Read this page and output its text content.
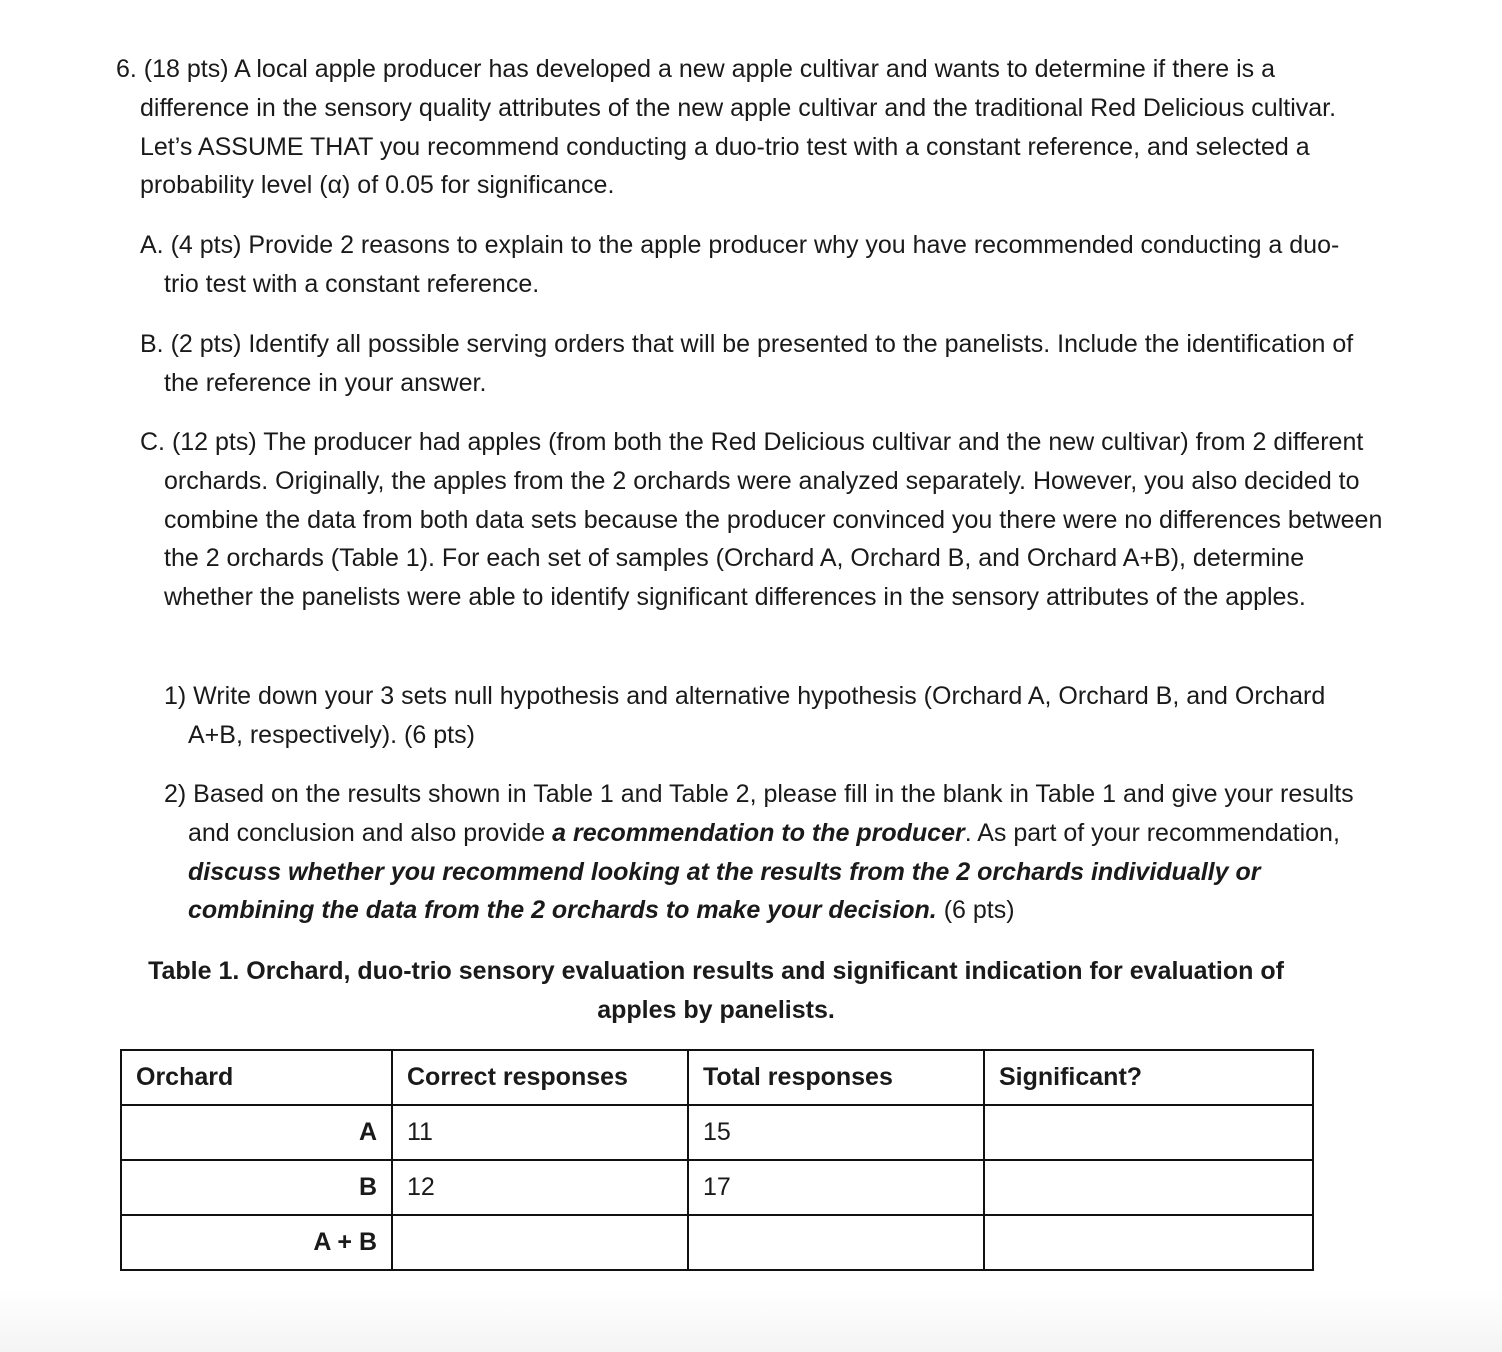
6. (18 pts) A local apple producer has developed a new apple cultivar and wants to determine if there is a difference in the sensory quality attributes of the new apple cultivar and the traditional Red Delicious cultivar. Let’s ASSUME THAT you recommend conducting a duo-trio test with a constant reference, and selected a probability level (α) of 0.05 for significance.

A. (4 pts) Provide 2 reasons to explain to the apple producer why you have recommended conducting a duo-trio test with a constant reference.

B. (2 pts) Identify all possible serving orders that will be presented to the panelists. Include the identification of the reference in your answer.

C. (12 pts) The producer had apples (from both the Red Delicious cultivar and the new cultivar) from 2 different orchards. Originally, the apples from the 2 orchards were analyzed separately. However, you also decided to combine the data from both data sets because the producer convinced you there were no differences between the 2 orchards (Table 1). For each set of samples (Orchard A, Orchard B, and Orchard A+B), determine whether the panelists were able to identify significant differences in the sensory attributes of the apples.

1) Write down your 3 sets null hypothesis and alternative hypothesis (Orchard A, Orchard B, and Orchard A+B, respectively). (6 pts)

2) Based on the results shown in Table 1 and Table 2, please fill in the blank in Table 1 and give your results and conclusion and also provide a recommendation to the producer. As part of your recommendation, discuss whether you recommend looking at the results from the 2 orchards individually or combining the data from the 2 orchards to make your decision. (6 pts)

Table 1. Orchard, duo-trio sensory evaluation results and significant indication for evaluation of apples by panelists.
Orchard	Correct responses	Total responses	Significant?
A	11	15	
B	12	17	
A + B			
